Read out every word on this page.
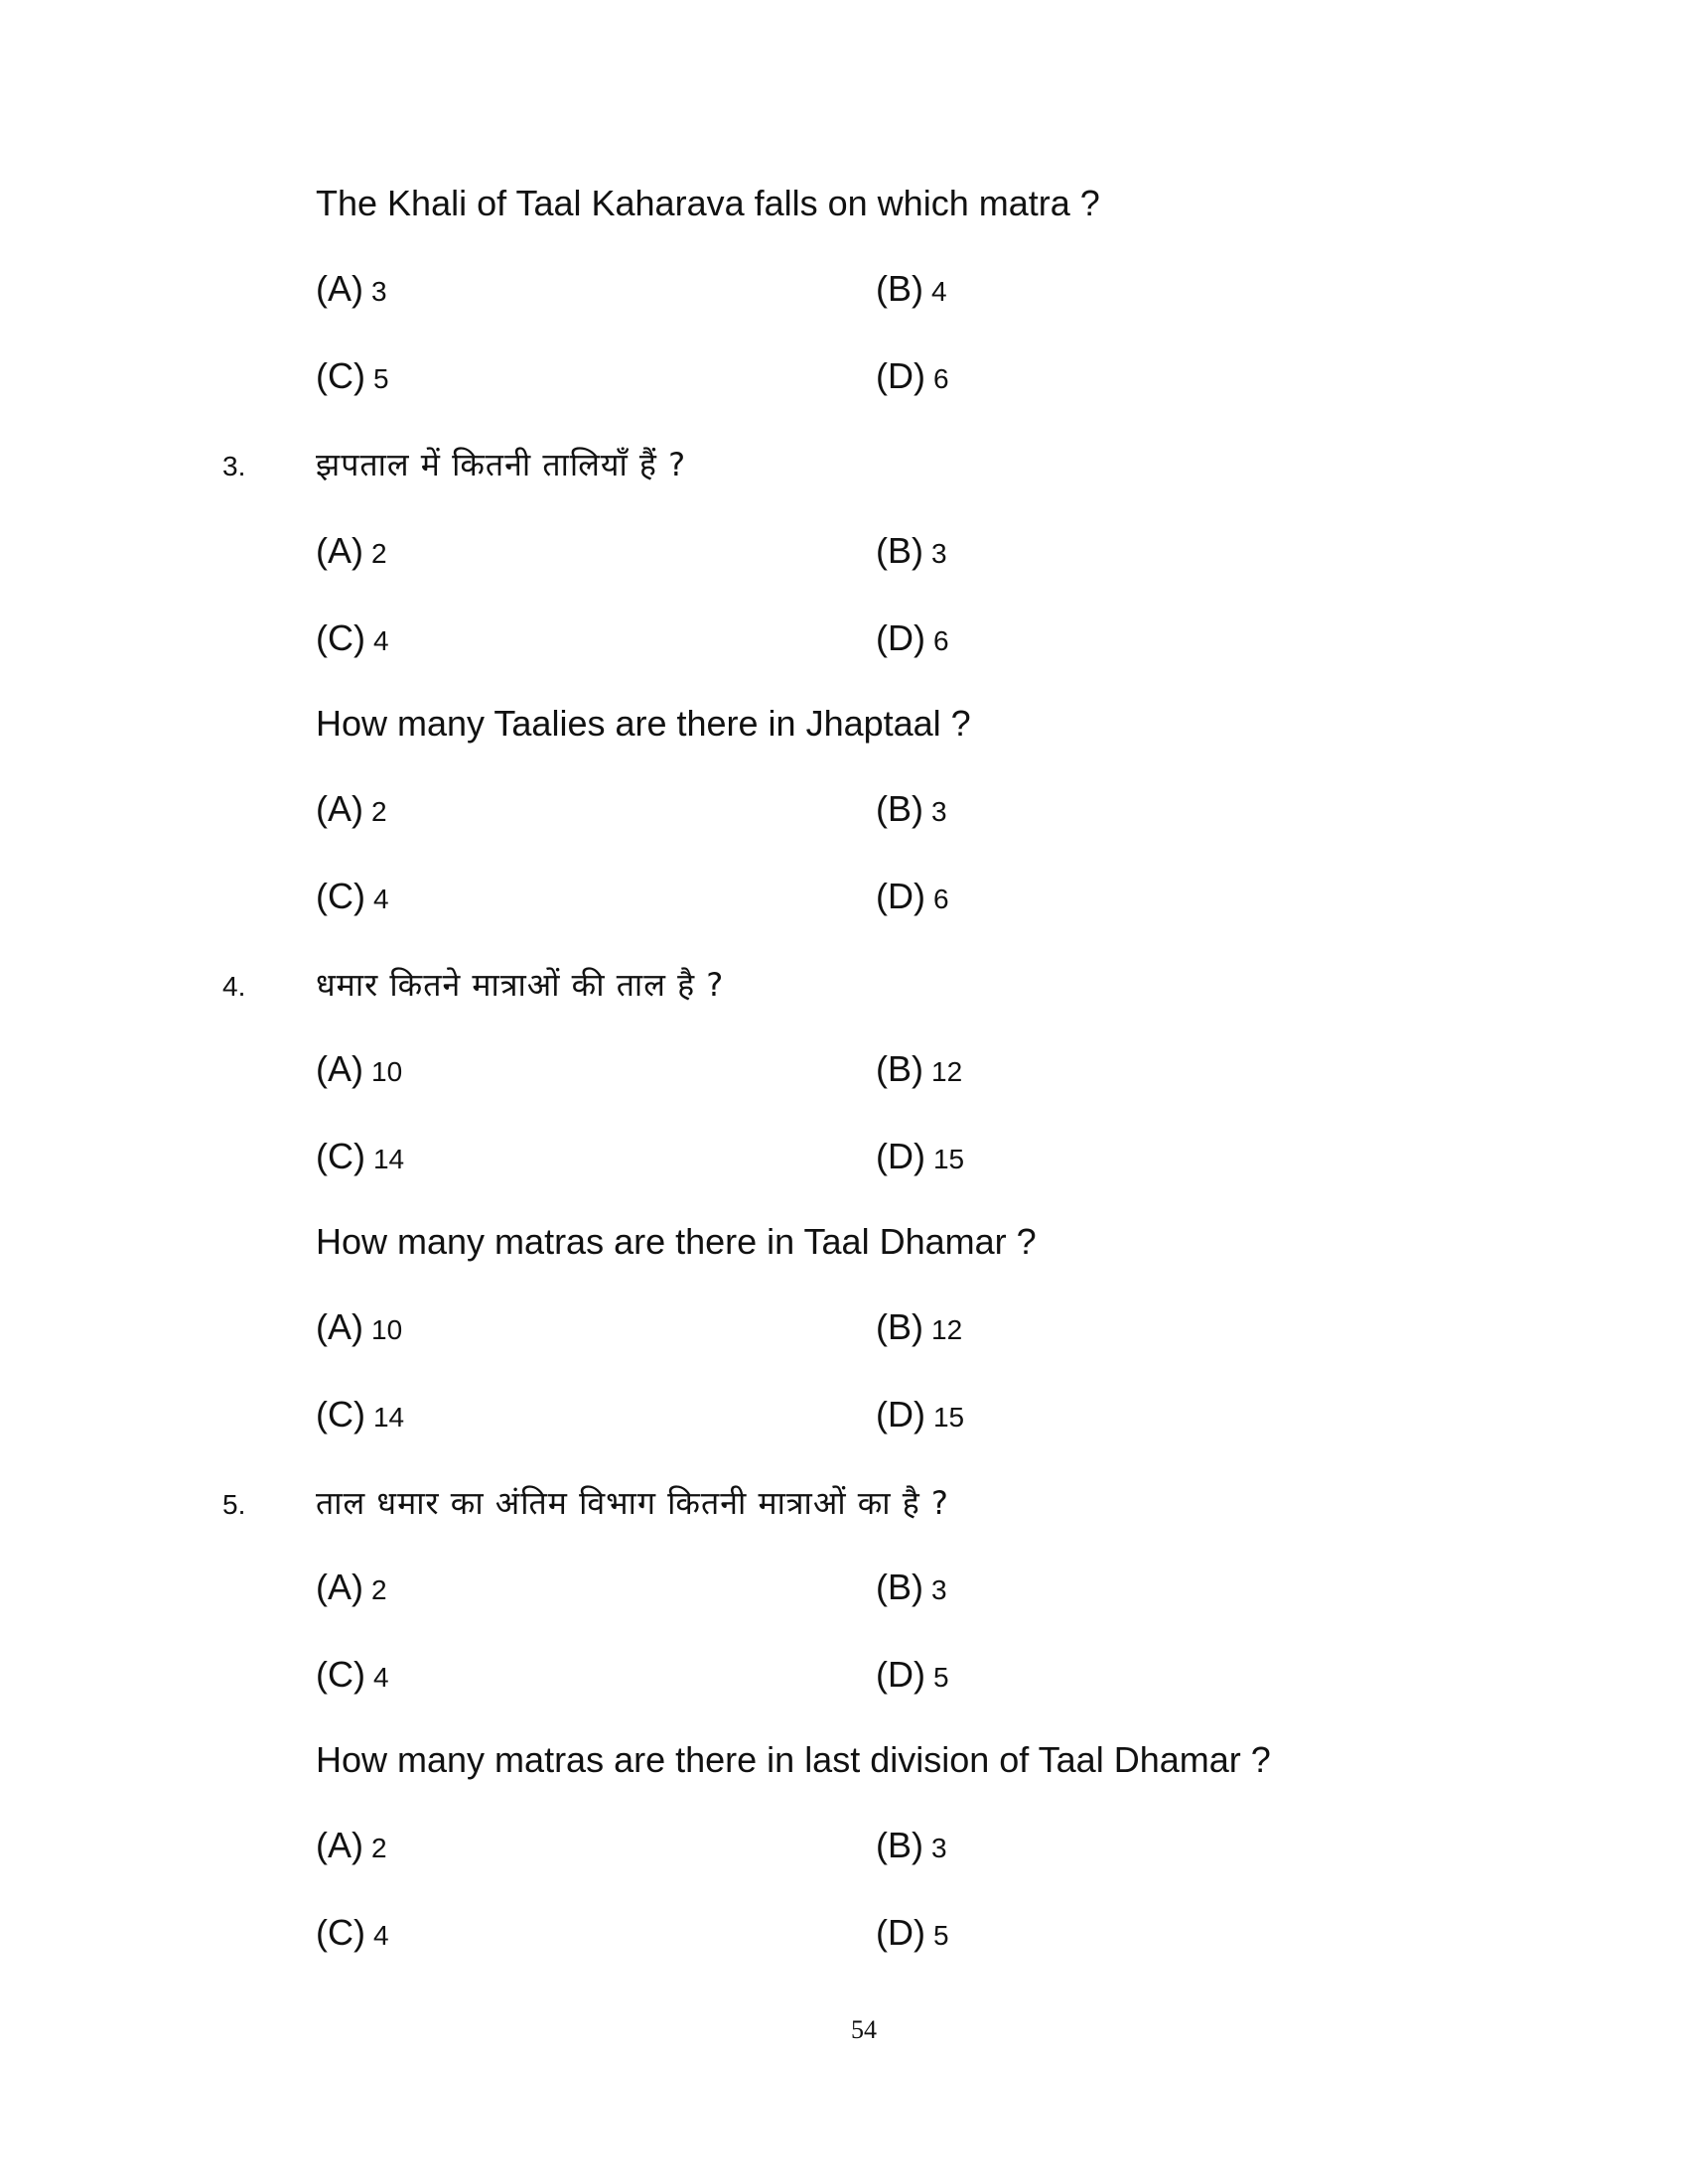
The Khali of Taal Kaharava falls on which matra ?
(A) 3	(B) 4
(C) 5	(D) 6
3. झपताल में कितनी तालियाँ हैं ?
(A) 2	(B) 3
(C) 4	(D) 6
How many Taalies are there in Jhaptaal ?
(A) 2	(B) 3
(C) 4	(D) 6
4. धमार कितने मात्राओं की ताल है ?
(A) 10	(B) 12
(C) 14	(D) 15
How many matras are there in Taal Dhamar ?
(A) 10	(B) 12
(C) 14	(D) 15
5. ताल धमार का अंतिम विभाग कितनी मात्राओं का है ?
(A) 2	(B) 3
(C) 4	(D) 5
How many matras are there in last division of Taal Dhamar ?
(A) 2	(B) 3
(C) 4	(D) 5
54
